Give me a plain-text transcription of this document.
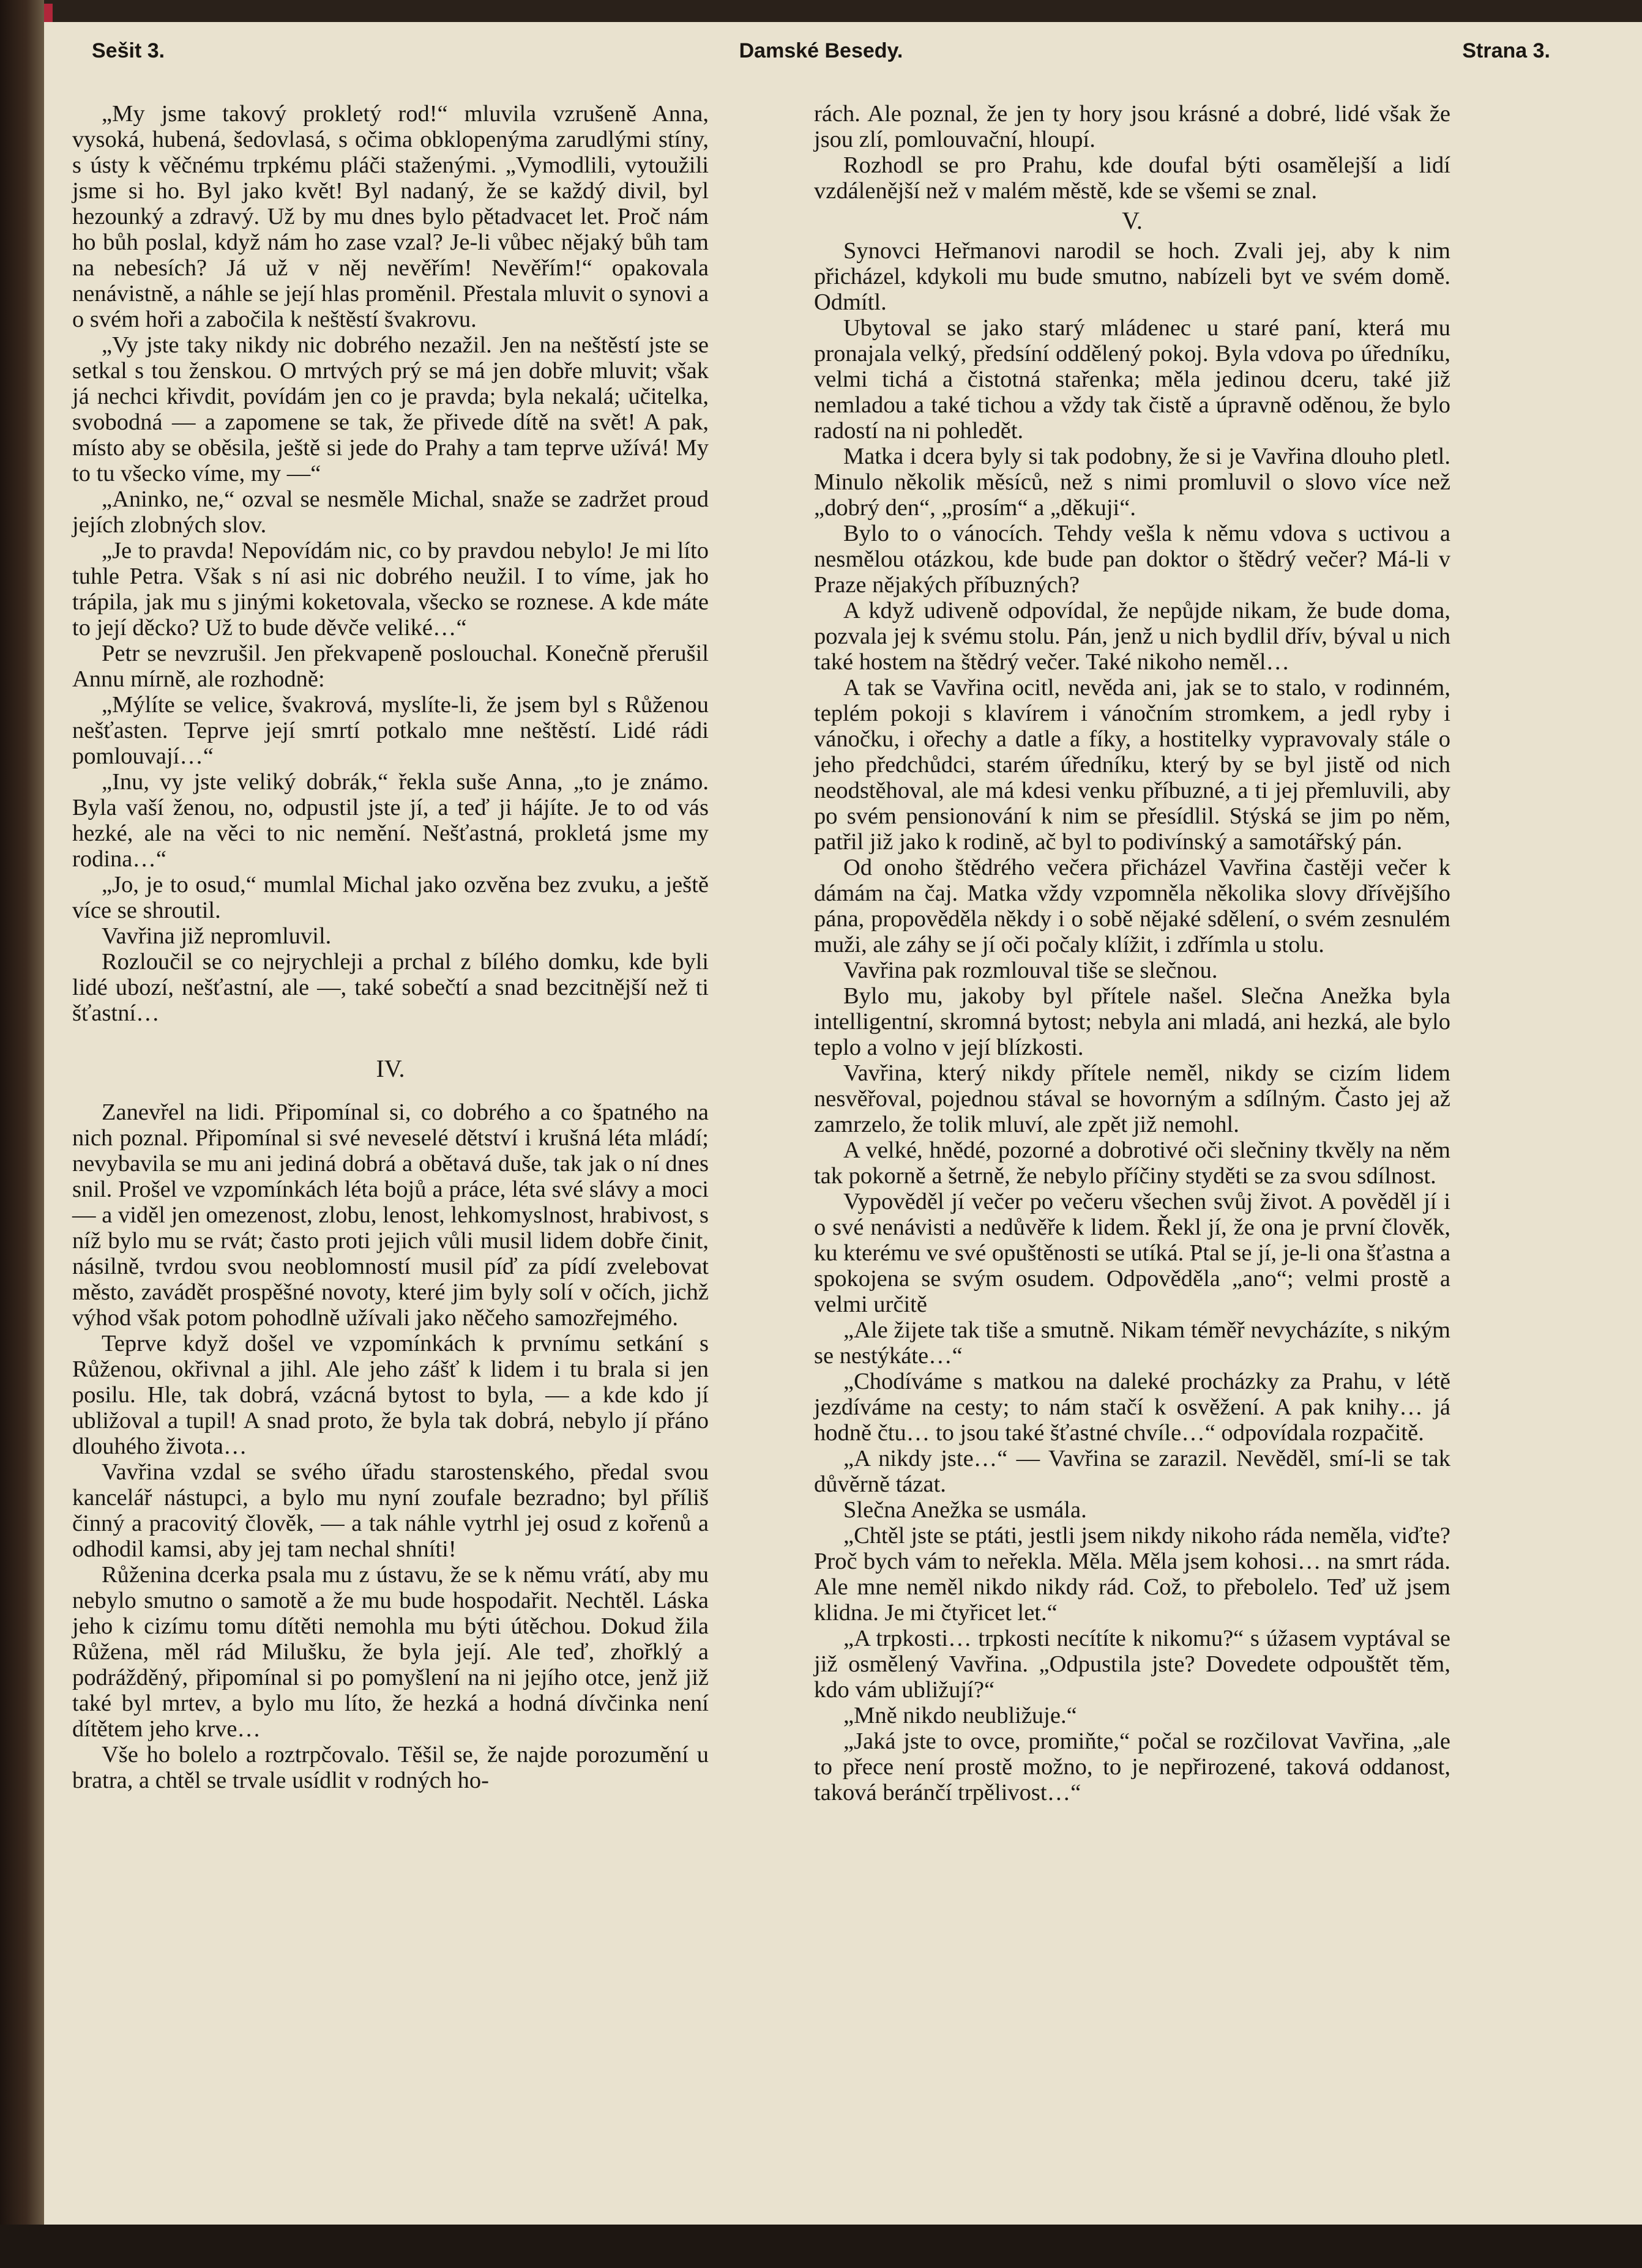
Sešit 3.	Damské Besedy.	Strana 3.

„My jsme takový prokletý rod!“ mluvila vzrušeně Anna, vysoká, hubená, šedovlasá, s očima obklopenýma zarudlými stíny, s ústy k věčnému trpkému pláči staženými. „Vymodlili, vytoužili jsme si ho. Byl jako květ! Byl nadaný, že se každý divil, byl hezounký a zdravý. Už by mu dnes bylo pětadvacet let. Proč nám ho bůh poslal, když nám ho zase vzal? Je-li vůbec nějaký bůh tam na nebesích? Já už v něj nevěřím! Nevěřím!“ opakovala nenávistně, a náhle se její hlas proměnil. Přestala mluvit o synovi a o svém hoři a zabočila k neštěstí švakrovu.

„Vy jste taky nikdy nic dobrého nezažil. Jen na neštěstí jste se setkal s tou ženskou. O mrtvých prý se má jen dobře mluvit; však já nechci křivdit, povídám jen co je pravda; byla nekalá; učitelka, svobodná — a zapomene se tak, že přivede dítě na svět! A pak, místo aby se oběsila, ještě si jede do Prahy a tam teprve užívá! My to tu všecko víme, my —“

„Aninko, ne,“ ozval se nesměle Michal, snaže se zadržet proud jejích zlobných slov.

„Je to pravda! Nepovídám nic, co by pravdou nebylo! Je mi líto tuhle Petra. Však s ní asi nic dobrého neužil. I to víme, jak ho trápila, jak mu s jinými koketovala, všecko se roznese. A kde máte to její děcko? Už to bude děvče veliké…“

Petr se nevzrušil. Jen překvapeně poslouchal. Konečně přerušil Annu mírně, ale rozhodně:

„Mýlíte se velice, švakrová, myslíte-li, že jsem byl s Růženou nešťasten. Teprve její smrtí potkalo mne neštěstí. Lidé rádi pomlouvají…“

„Inu, vy jste veliký dobrák,“ řekla suše Anna, „to je známo. Byla vaší ženou, no, odpustil jste jí, a teď ji hájíte. Je to od vás hezké, ale na věci to nic nemění. Nešťastná, prokletá jsme my rodina…“

„Jo, je to osud,“ mumlal Michal jako ozvěna bez zvuku, a ještě více se shroutil.

Vavřina již nepromluvil.

Rozloučil se co nejrychleji a prchal z bílého domku, kde byli lidé ubozí, nešťastní, ale —, také sobečtí a snad bezcitnější než ti šťastní…

IV.

Zanevřel na lidi. Připomínal si, co dobrého a co špatného na nich poznal. Připomínal si své neveselé dětství i krušná léta mládí; nevybavila se mu ani jediná dobrá a obětavá duše, tak jak o ní dnes snil. Prošel ve vzpomínkách léta bojů a práce, léta své slávy a moci — a viděl jen omezenost, zlobu, lenost, lehkomyslnost, hrabivost, s níž bylo mu se rvát; často proti jejich vůli musil lidem dobře činit, násilně, tvrdou svou neoblomností musil píď za pídí zvelebovat město, zavádět prospěšné novoty, které jim byly solí v očích, jichž výhod však potom pohodlně užívali jako něčeho samozřejmého.

Teprve když došel ve vzpomínkách k prvnímu setkání s Růženou, okřivnal a jihl. Ale jeho zášť k lidem i tu brala si jen posilu. Hle, tak dobrá, vzácná bytost to byla, — a kde kdo jí ubližoval a tupil! A snad proto, že byla tak dobrá, nebylo jí přáno dlouhého života…

Vavřina vzdal se svého úřadu starostenského, předal svou kancelář nástupci, a bylo mu nyní zoufale bezradno; byl příliš činný a pracovitý člověk, — a tak náhle vytrhl jej osud z kořenů a odhodil kamsi, aby jej tam nechal shníti!

Růženina dcerka psala mu z ústavu, že se k němu vrátí, aby mu nebylo smutno o samotě a že mu bude hospodařit. Nechtěl. Láska jeho k cizímu tomu dítěti nemohla mu býti útěchou. Dokud žila Růžena, měl rád Milušku, že byla její. Ale teď, zhořklý a podrážděný, připomínal si po pomyšlení na ni jejího otce, jenž již také byl mrtev, a bylo mu líto, že hezká a hodná dívčinka není dítětem jeho krve…

Vše ho bolelo a roztrpčovalo. Těšil se, že najde porozumění u bratra, a chtěl se trvale usídlit v rodných ho-

rách. Ale poznal, že jen ty hory jsou krásné a dobré, lidé však že jsou zlí, pomlouvační, hloupí.

Rozhodl se pro Prahu, kde doufal býti osamělejší a lidí vzdálenější než v malém městě, kde se všemi se znal.

V.

Synovci Heřmanovi narodil se hoch. Zvali jej, aby k nim přicházel, kdykoli mu bude smutno, nabízeli byt ve svém domě. Odmítl.

Ubytoval se jako starý mládenec u staré paní, která mu pronajala velký, předsíní oddělený pokoj. Byla vdova po úředníku, velmi tichá a čistotná stařenka; měla jedinou dceru, také již nemladou a také tichou a vždy tak čistě a úpravně oděnou, že bylo radostí na ni pohledět.

Matka i dcera byly si tak podobny, že si je Vavřina dlouho pletl. Minulo několik měsíců, než s nimi promluvil o slovo více než „dobrý den“, „prosím“ a „děkuji“.

Bylo to o vánocích. Tehdy vešla k němu vdova s uctivou a nesmělou otázkou, kde bude pan doktor o štědrý večer? Má-li v Praze nějakých příbuzných?

A když udiveně odpovídal, že nepůjde nikam, že bude doma, pozvala jej k svému stolu. Pán, jenž u nich bydlil dřív, býval u nich také hostem na štědrý večer. Také nikoho neměl…

A tak se Vavřina ocitl, nevěda ani, jak se to stalo, v rodinném, teplém pokoji s klavírem i vánočním stromkem, a jedl ryby i vánočku, i ořechy a datle a fíky, a hostitelky vypravovaly stále o jeho předchůdci, starém úředníku, který by se byl jistě od nich neodstěhoval, ale má kdesi venku příbuzné, a ti jej přemluvili, aby po svém pensionování k nim se přesídlil. Stýská se jim po něm, patřil již jako k rodině, ač byl to podivínský a samotářský pán.

Od onoho štědrého večera přicházel Vavřina častěji večer k dámám na čaj. Matka vždy vzpomněla několika slovy dřívějšího pána, propověděla někdy i o sobě nějaké sdělení, o svém zesnulém muži, ale záhy se jí oči počaly klížit, i zdřímla u stolu.

Vavřina pak rozmlouval tiše se slečnou.

Bylo mu, jakoby byl přítele našel. Slečna Anežka byla intelligentní, skromná bytost; nebyla ani mladá, ani hezká, ale bylo teplo a volno v její blízkosti.

Vavřina, který nikdy přítele neměl, nikdy se cizím lidem nesvěřoval, pojednou stával se hovorným a sdílným. Často jej až zamrzelo, že tolik mluví, ale zpět již nemohl.

A velké, hnědé, pozorné a dobrotivé oči slečniny tkvěly na něm tak pokorně a šetrně, že nebylo příčiny styděti se za svou sdílnost.

Vypověděl jí večer po večeru všechen svůj život. A pověděl jí i o své nenávisti a nedůvěře k lidem. Řekl jí, že ona je první člověk, ku kterému ve své opuštěnosti se utíká. Ptal se jí, je-li ona šťastna a spokojena se svým osudem. Odpověděla „ano“; velmi prostě a velmi určitě

„Ale žijete tak tiše a smutně. Nikam téměř nevycházíte, s nikým se nestýkáte…“

„Chodíváme s matkou na daleké procházky za Prahu, v létě jezdíváme na cesty; to nám stačí k osvěžení. A pak knihy… já hodně čtu… to jsou také šťastné chvíle…“ odpovídala rozpačitě.

„A nikdy jste…“ — Vavřina se zarazil. Nevěděl, smí-li se tak důvěrně tázat.

Slečna Anežka se usmála.

„Chtěl jste se ptáti, jestli jsem nikdy nikoho ráda neměla, viďte? Proč bych vám to neřekla. Měla. Měla jsem kohosi… na smrt ráda. Ale mne neměl nikdo nikdy rád. Což, to přebolelo. Teď už jsem klidna. Je mi čtyřicet let.“

„A trpkosti… trpkosti necítíte k nikomu?“ s úžasem vyptával se již osmělený Vavřina. „Odpustila jste? Dovedete odpouštět těm, kdo vám ubližují?“

„Mně nikdo neubližuje.“

„Jaká jste to ovce, promiňte,“ počal se rozčilovat Vavřina, „ale to přece není prostě možno, to je nepřirozené, taková oddanost, taková beránčí trpělivost…“
